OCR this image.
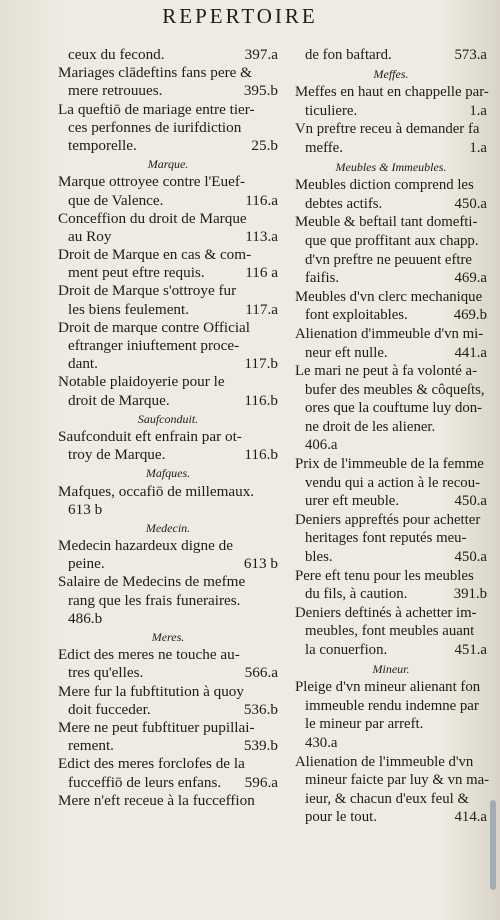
REPERTOIRE
ceux du fecond.	397.a
Mariages clādeftins fans pere &
mere retrouues.	395.b
La queftiō de mariage entre tier-
ces perfonnes de iurifdiction
temporelle.	25.b
Marque.
Marque ottroyee contre l'Euef-
que de Valence.	116.a
Conceffion du droit de Marque
au Roy	113.a
Droit de Marque en cas & com-
ment peut eftre requis.	116 a
Droit de Marque s'ottroye fur
les biens feulement.	117.a
Droit de marque contre Official
eftranger iniuftement proce-
dant.	117.b
Notable plaidoyerie pour le
droit de Marque.	116.b
Saufconduit.
Saufconduit eft enfrain par ot-
troy de Marque.	116.b
Mafques.
Mafques, occafiō de millemaux.
613 b
Medecin.
Medecin hazardeux digne de
peine.	613 b
Salaire de Medecins de mefme
rang que les frais funeraires.
486.b
Meres.
Edict des meres ne touche au-
tres qu'elles.	566.a
Mere fur la fubftitution à quoy
doit fucceder.	536.b
Mere ne peut fubftituer pupillai-
rement.	539.b
Edict des meres forclofes de la
fucceffiō de leurs enfans. 596.a
Mere n'eft receue à la fucceffion
de fon baftard.	573.a
Meffes.
Meffes en haut en chappelle par-
ticuliere.	1.a
Vn preftre receu à demander fa
meffe.	1.a
Meubles & Immeubles.
Meubles diction comprend les
debtes actifs.	450.a
Meuble & beftail tant domefti-
que que proffitant aux chapp.
d'vn preftre ne peuuent eftre
faifis.	469.a
Meubles d'vn clerc mechanique
font exploitables.	469.b
Alienation d'immeuble d'vn mi-
neur eft nulle.	441.a
Le mari ne peut à fa volonté a-
bufer des meubles & côqueſts,
ores que la couftume luy don-
ne droit de les aliener.
406.a
Prix de l'immeuble de la femme
vendu qui a action à le recou-
urer eft meuble.	450.a
Deniers appreftés pour achetter
heritages font reputés meu-
bles.	450.a
Pere eft tenu pour les meubles
du fils, à caution.	391.b
Deniers deftinés à achetter im-
meubles, font meubles auant
la conuerfion.	451.a
Mineur.
Pleige d'vn mineur alienant fon
immeuble rendu indemne par
le mineur par arreft.
430.a
Alienation de l'immeuble d'vn
mineur faicte par luy & vn ma-
ieur, & chacun d'eux feul &
pour le tout.	414.a
